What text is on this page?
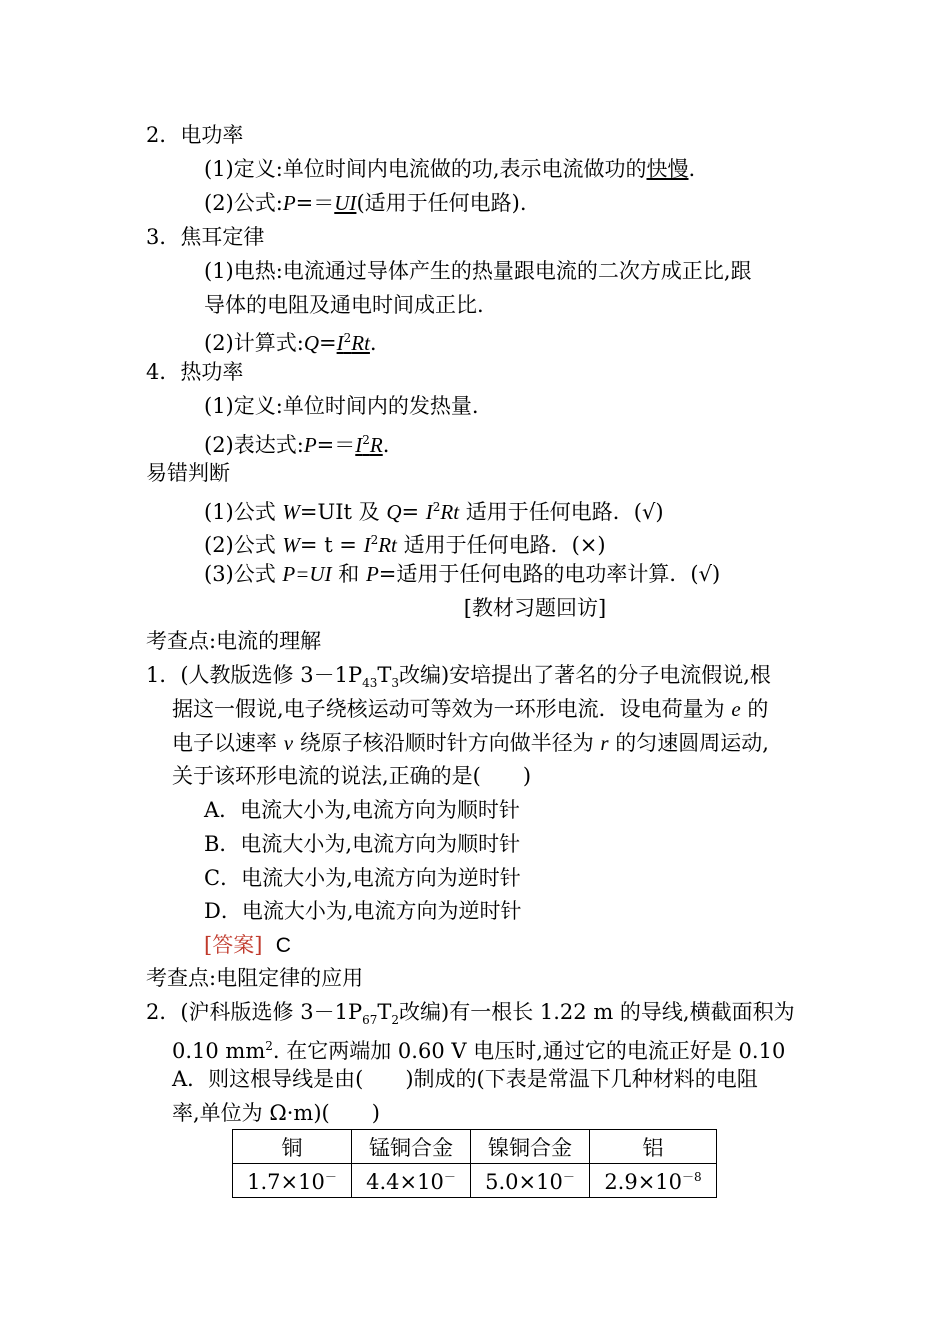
2．电功率
(1)定义:单位时间内电流做的功,表示电流做功的快慢.
(2)公式:P=＝UI(适用于任何电路).
3．焦耳定律
(1)电热:电流通过导体产生的热量跟电流的二次方成正比,跟
导体的电阻及通电时间成正比.
(2)计算式$:Q=I^2Rt$.
4．热功率
(1)定义:单位时间内的发热量.
(2)表达式$:P==I^2R$.
易错判断
(1)公式 W=UIt 及 $Q= I^2Rt$ 适用于任何电路．(√)
(2)公式 $W= t = I^2Rt$ 适用于任何电路．(×)
(3)公式 P=UI 和 P=适用于任何电路的电功率计算．(√)
[教材习题回访]
考查点:电流的理解
1．(人教版选修 $3-1P_{43}T_3$改编)安培提出了著名的分子电流假说,根
据这一假说,电子绕核运动可等效为一环形电流．设电荷量为 e 的
电子以速率 v 绕原子核沿顺时针方向做半径为 r 的匀速圆周运动,
关于该环形电流的说法,正确的是(　　)
A．电流大小为,电流方向为顺时针
B．电流大小为,电流方向为顺时针
C．电流大小为,电流方向为逆时针
D．电流大小为,电流方向为逆时针
[答案] C
考查点:电阻定律的应用
2．(沪科版选修 $3-1P_{67}T_2$改编)有一根长 1.22 m 的导线,横截面积为
0.10 $mm^2$. 在它两端加 0.60 V 电压时,通过它的电流正好是 0.10
A．则这根导线是由(　　)制成的(下表是常温下几种材料的电阻
率,单位为 Ω·m)(　　)
铜	锰铜合金	镍铜合金	铝
1.7×10－	4.4×10－	5.0×10－	$2.9\times 10^{-8}$
